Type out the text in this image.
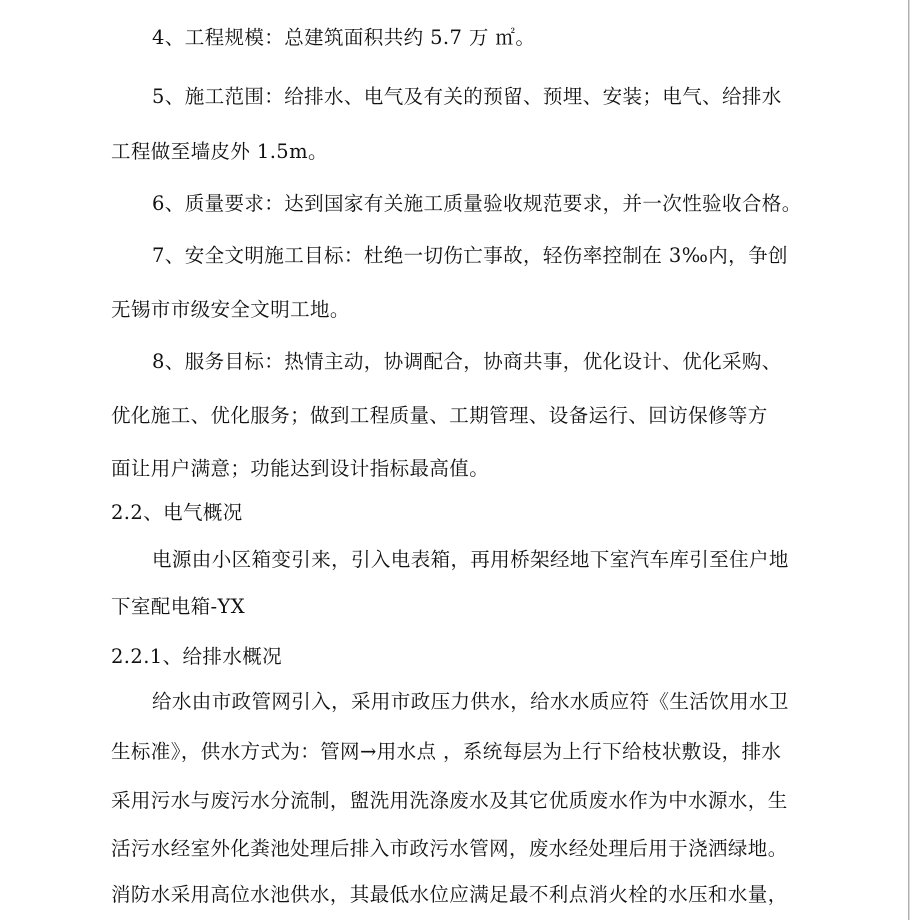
4、工程规模：总建筑面积共约 5.7 万 ㎡。
5、施工范围：给排水、电气及有关的预留、预埋、安装；电气、给排水
工程做至墙皮外 1.5m。
6、质量要求：达到国家有关施工质量验收规范要求，并一次性验收合格。
7、安全文明施工目标：杜绝一切伤亡事故，轻伤率控制在 3‰内，争创
无锡市市级安全文明工地。
8、服务目标：热情主动，协调配合，协商共事，优化设计、优化采购、
优化施工、优化服务；做到工程质量、工期管理、设备运行、回访保修等方
面让用户满意；功能达到设计指标最高值。
2.2、电气概况
电源由小区箱变引来，引入电表箱，再用桥架经地下室汽车库引至住户地
下室配电箱-YX
2.2.1、给排水概况
给水由市政管网引入，采用市政压力供水，给水水质应符《生活饮用水卫
生标准》，供水方式为：管网→用水点 ，系统每层为上行下给枝状敷设，排水
采用污水与废污水分流制，盥洗用洗涤废水及其它优质废水作为中水源水，生
活污水经室外化粪池处理后排入市政污水管网，废水经处理后用于浇洒绿地。
消防水采用高位水池供水，其最低水位应满足最不利点消火栓的水压和水量，
